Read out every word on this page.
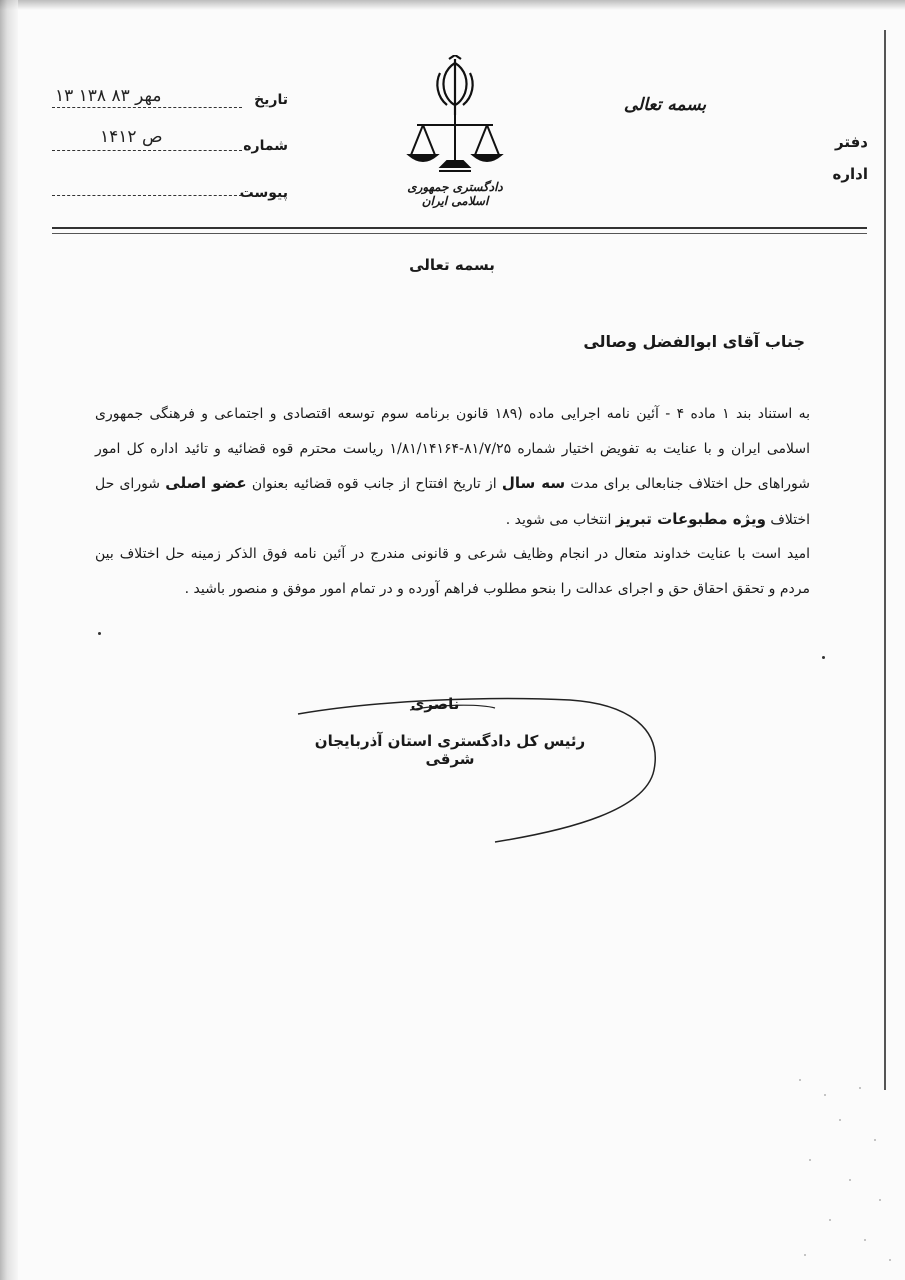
تاریخ
۱۳ مهر ۸۳ ۱۳۸
شماره
۱۴۱۲ ص
پیوست	دادگستری جمهوری اسلامی ایران
بسمه تعالی
دفتر
اداره
بسمه تعالی
جناب آقای ابوالفضل وصالی

به استناد بند ۱ ماده ۴ - آئین نامه اجرایی ماده (۱۸۹ قانون برنامه سوم توسعه اقتصادی و اجتماعی و فرهنگی جمهوری اسلامی ایران و با عنایت به تفویض اختیار شماره ۸۱/۷/۲۵-۱/۸۱/۱۴۱۶۴ ریاست محترم قوه قضائیه و تائید اداره کل امور شوراهای حل اختلاف جنابعالی برای مدت سه سال از تاریخ افتتاح از جانب قوه قضائیه بعنوان عضو اصلی شورای حل اختلاف ویژه مطبوعات تبریز انتخاب می شوید .

امید است با عنایت خداوند متعال در انجام وظایف شرعی و قانونی مندرج در آئین نامه فوق الذکر زمینه حل اختلاف بین مردم و تحقق احقاق حق و اجرای عدالت را بنحو مطلوب فراهم آورده و در تمام امور موفق و منصور باشید .

ناصری
رئیس کل دادگستری استان آذربایجان شرقی
